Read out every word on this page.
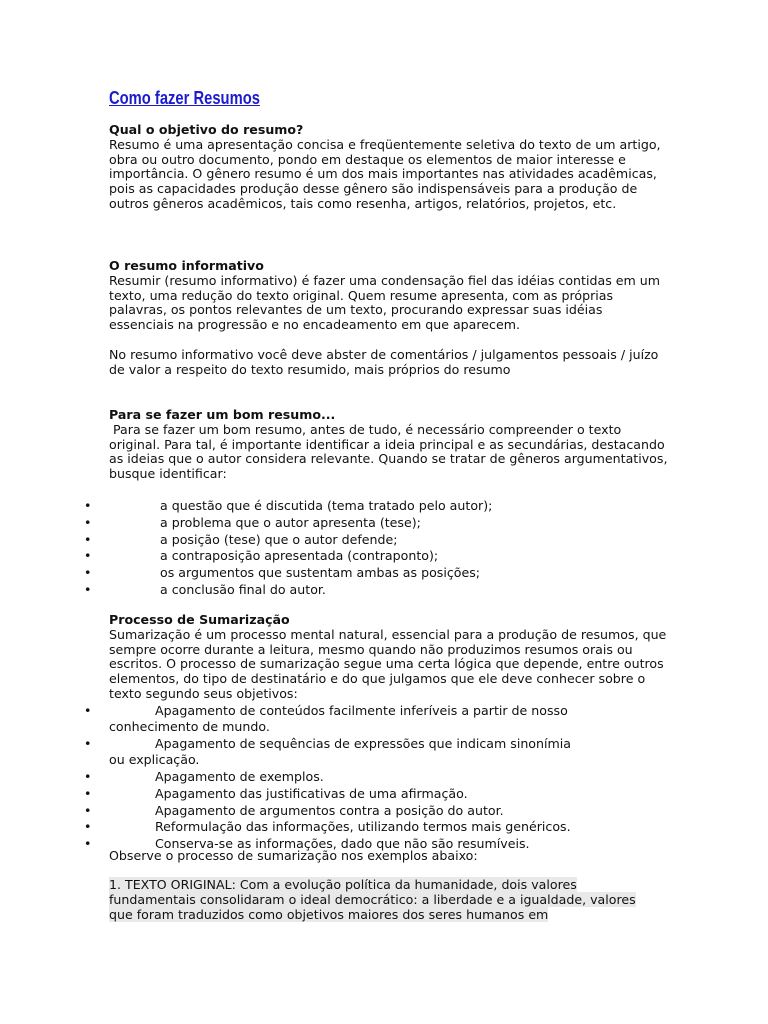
Como fazer Resumos

Qual o objetivo do resumo?

Resumo é uma apresentação concisa e freqüentemente seletiva do texto de um artigo, obra ou outro documento, pondo em destaque os elementos de maior interesse e importância. O gênero resumo é um dos mais importantes nas atividades acadêmicas, pois as capacidades produção desse gênero são indispensáveis para a produção de outros gêneros acadêmicos, tais como resenha, artigos, relatórios, projetos, etc.

O resumo informativo

Resumir (resumo informativo) é fazer uma condensação fiel das idéias contidas em um texto, uma redução do texto original. Quem resume apresenta, com as próprias palavras, os pontos relevantes de um texto, procurando expressar suas idéias essenciais na progressão e no encadeamento em que aparecem.

No resumo informativo você deve abster de comentários / julgamentos pessoais / juízo de valor a respeito do texto resumido, mais próprios do resumo

Para se fazer um bom resumo...

Para se fazer um bom resumo, antes de tudo, é necessário compreender o texto original. Para tal, é importante identificar a ideia principal e as secundárias, destacando as ideias que o autor considera relevante. Quando se tratar de gêneros argumentativos, busque identificar:

•	a questão que é discutida (tema tratado pelo autor);
•	a problema que o autor apresenta (tese);
•	a posição (tese) que o autor defende;
•	a contraposição apresentada (contraponto);
•	os argumentos que sustentam ambas as posições;
•	a conclusão final do autor.

Processo de Sumarização

Sumarização é um processo mental natural, essencial para a produção de resumos, que sempre ocorre durante a leitura, mesmo quando não produzimos resumos orais ou escritos. O processo de sumarização segue uma certa lógica que depende, entre outros elementos, do tipo de destinatário e do que julgamos que ele deve conhecer sobre o texto segundo seus objetivos:

•	Apagamento de conteúdos facilmente inferíveis a partir de nosso conhecimento de mundo.
•	Apagamento de sequências de expressões que indicam sinonímia ou explicação.
•	Apagamento de exemplos.
•	Apagamento das justificativas de uma afirmação.
•	Apagamento de argumentos contra a posição do autor.
•	Reformulação das informações, utilizando termos mais genéricos.
•	Conserva-se as informações, dado que não são resumíveis.

Observe o processo de sumarização nos exemplos abaixo:

1. TEXTO ORIGINAL: Com a evolução política da humanidade, dois valores fundamentais consolidaram o ideal democrático: a liberdade e a igualdade, valores que foram traduzidos como objetivos maiores dos seres humanos em
